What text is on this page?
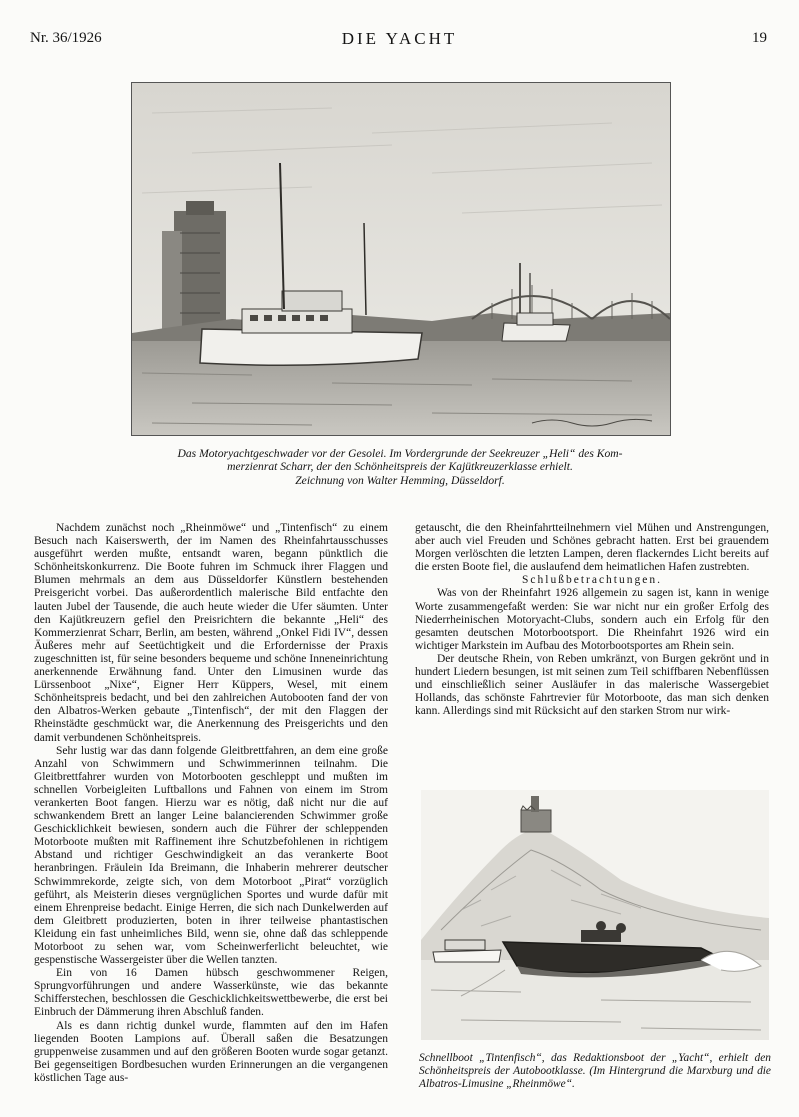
Nr. 36/1926	DIE YACHT	19
Das Motoryachtgeschwader vor der Gesolei. Im Vordergrunde der Seekreuzer „Heli“ des Kom-
merzienrat Scharr, der den Schönheitspreis der Kajütkreuzerklasse erhielt.
Zeichnung von Walter Hemming, Düsseldorf.

Nachdem zunächst noch „Rheinmöwe“ und „Tintenfisch“ zu einem Besuch nach Kaiserswerth, der im Namen des Rheinfahrtausschusses ausgeführt werden mußte, entsandt waren, begann pünktlich die Schönheitskonkurrenz. Die Boote fuhren im Schmuck ihrer Flaggen und Blumen mehrmals an dem aus Düsseldorfer Künstlern bestehenden Preisgericht vorbei. Das außerordentlich malerische Bild entfachte den lauten Jubel der Tausende, die auch heute wieder die Ufer säumten. Unter den Kajütkreuzern gefiel den Preisrichtern die bekannte „Heli“ des Kommerzienrat Scharr, Berlin, am besten, während „Onkel Fidi IV“, dessen Äußeres mehr auf Seetüchtigkeit und die Erfordernisse der Praxis zugeschnitten ist, für seine besonders bequeme und schöne Inneneinrichtung anerkennende Erwähnung fand. Unter den Limusinen wurde das Lürssenboot „Nixe“, Eigner Herr Küppers, Wesel, mit einem Schönheitspreis bedacht, und bei den zahlreichen Autobooten fand der von den Albatros-Werken gebaute „Tintenfisch“, der mit den Flaggen der Rheinstädte geschmückt war, die Anerkennung des Preisgerichts und den damit verbundenen Schönheitspreis.

Sehr lustig war das dann folgende Gleitbrettfahren, an dem eine große Anzahl von Schwimmern und Schwimmerinnen teilnahm. Die Gleitbrettfahrer wurden von Motorbooten geschleppt und mußten im schnellen Vorbeigleiten Luftballons und Fahnen von einem im Strom verankerten Boot fangen. Hierzu war es nötig, daß nicht nur die auf schwankendem Brett an langer Leine balancierenden Schwimmer große Geschicklichkeit bewiesen, sondern auch die Führer der schleppenden Motorboote mußten mit Raffinement ihre Schutzbefohlenen in richtigem Abstand und richtiger Geschwindigkeit an das verankerte Boot heranbringen. Fräulein Ida Breimann, die Inhaberin mehrerer deutscher Schwimmrekorde, zeigte sich, von dem Motorboot „Pirat“ vorzüglich geführt, als Meisterin dieses vergnüglichen Sportes und wurde dafür mit einem Ehrenpreise bedacht. Einige Herren, die sich nach Dunkelwerden auf dem Gleitbrett produzierten, boten in ihrer teilweise phantastischen Kleidung ein fast unheimliches Bild, wenn sie, ohne daß das schleppende Motorboot zu sehen war, vom Scheinwerferlicht beleuchtet, wie gespenstische Wassergeister über die Wellen tanzten.

Ein von 16 Damen hübsch geschwommener Reigen, Sprungvorführungen und andere Wasserkünste, wie das bekannte Schifferstechen, beschlossen die Geschicklichkeitswettbewerbe, die erst bei Einbruch der Dämmerung ihren Abschluß fanden.

Als es dann richtig dunkel wurde, flammten auf den im Hafen liegenden Booten Lampions auf. Überall saßen die Besatzungen gruppenweise zusammen und auf den größeren Booten wurde sogar getanzt. Bei gegenseitigen Bordbesuchen wurden Erinnerungen an die vergangenen köstlichen Tage aus-

getauscht, die den Rheinfahrtteilnehmern viel Mühen und Anstrengungen, aber auch viel Freuden und Schönes gebracht hatten. Erst bei grauendem Morgen verlöschten die letzten Lampen, deren flackerndes Licht bereits auf die ersten Boote fiel, die auslaufend dem heimatlichen Hafen zustrebten.

Schlußbetrachtungen.

Was von der Rheinfahrt 1926 allgemein zu sagen ist, kann in wenige Worte zusammengefaßt werden: Sie war nicht nur ein großer Erfolg des Niederrheinischen Motoryacht-Clubs, sondern auch ein Erfolg für den gesamten deutschen Motorbootsport. Die Rheinfahrt 1926 wird ein wichtiger Markstein im Aufbau des Motorbootsportes am Rhein sein.

Der deutsche Rhein, von Reben umkränzt, von Burgen gekrönt und in hundert Liedern besungen, ist mit seinen zum Teil schiffbaren Nebenflüssen und einschließlich seiner Ausläufer in das malerische Wassergebiet Hollands, das schönste Fahrtrevier für Motorboote, das man sich denken kann. Allerdings sind mit Rücksicht auf den starken Strom nur wirk-

Schnellboot „Tintenfisch“, das Redaktionsboot der „Yacht“, erhielt den Schönheitspreis der Autobootklasse. (Im Hintergrund die Marxburg und die Albatros-Limusine „Rheinmöwe“.
